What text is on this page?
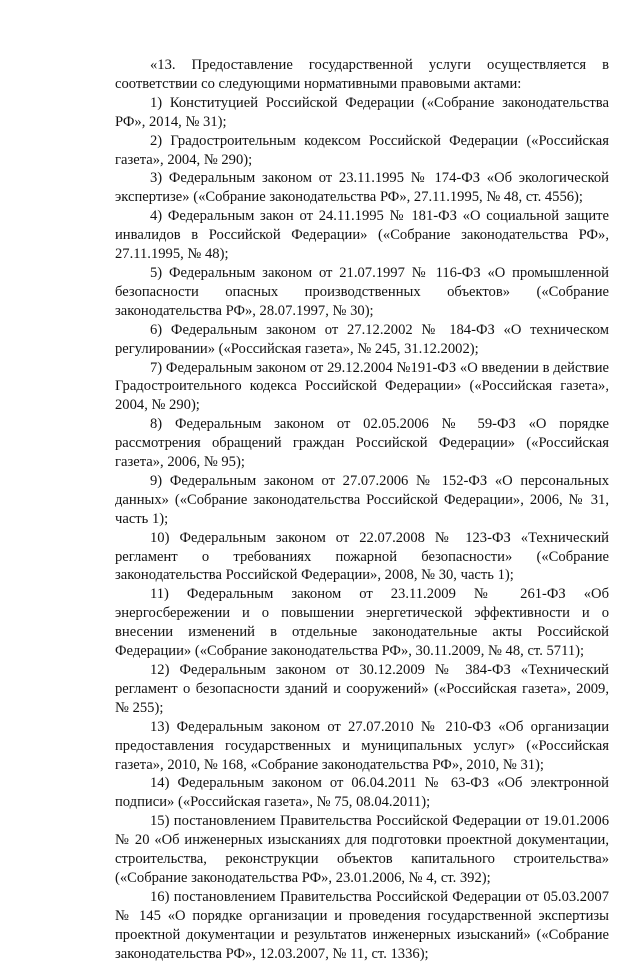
«13. Предоставление государственной услуги осуществляется в соответствии со следующими нормативными правовыми актами:

1) Конституцией Российской Федерации («Собрание законодательства РФ», 2014, № 31);

2) Градостроительным кодексом Российской Федерации («Российская газета», 2004, № 290);

3) Федеральным законом от 23.11.1995 № 174-ФЗ «Об экологической экспертизе» («Собрание законодательства РФ», 27.11.1995, № 48, ст. 4556);

4) Федеральным закон от 24.11.1995 № 181-ФЗ «О социальной защите инвалидов в Российской Федерации» («Собрание законодательства РФ», 27.11.1995, № 48);

5) Федеральным законом от 21.07.1997 № 116-ФЗ «О промышленной безопасности опасных производственных объектов» («Собрание законодательства РФ», 28.07.1997, № 30);

6) Федеральным законом от 27.12.2002 № 184-ФЗ «О техническом регулировании» («Российская газета», № 245, 31.12.2002);

7) Федеральным законом от 29.12.2004 №191-ФЗ «О введении в действие Градостроительного кодекса Российской Федерации» («Российская газета», 2004, № 290);

8) Федеральным законом от 02.05.2006 № 59-ФЗ «О порядке рассмотрения обращений граждан Российской Федерации» («Российская газета», 2006, № 95);

9) Федеральным законом от 27.07.2006 № 152-ФЗ «О персональных данных» («Собрание законодательства Российской Федерации», 2006, № 31, часть 1);

10) Федеральным законом от 22.07.2008 № 123-ФЗ «Технический регламент о требованиях пожарной безопасности» («Собрание законодательства Российской Федерации», 2008, № 30, часть 1);

11) Федеральным законом от 23.11.2009 № 261-ФЗ «Об энергосбережении и о повышении энергетической эффективности и о внесении изменений в отдельные законодательные акты Российской Федерации» («Собрание законодательства РФ», 30.11.2009, № 48, ст. 5711);

12) Федеральным законом от 30.12.2009 № 384-ФЗ «Технический регламент о безопасности зданий и сооружений» («Российская газета», 2009, № 255);

13) Федеральным законом от 27.07.2010 № 210-ФЗ «Об организации предоставления государственных и муниципальных услуг» («Российская газета», 2010, № 168, «Собрание законодательства РФ», 2010, № 31);

14) Федеральным законом от 06.04.2011 № 63-ФЗ «Об электронной подписи» («Российская газета», № 75, 08.04.2011);

15) постановлением Правительства Российской Федерации от 19.01.2006 № 20 «Об инженерных изысканиях для подготовки проектной документации, строительства, реконструкции объектов капитального строительства» («Собрание законодательства РФ», 23.01.2006, № 4, ст. 392);

16) постановлением Правительства Российской Федерации от 05.03.2007 № 145 «О порядке организации и проведения государственной экспертизы проектной документации и результатов инженерных изысканий» («Собрание законодательства РФ», 12.03.2007, № 11, ст. 1336);
